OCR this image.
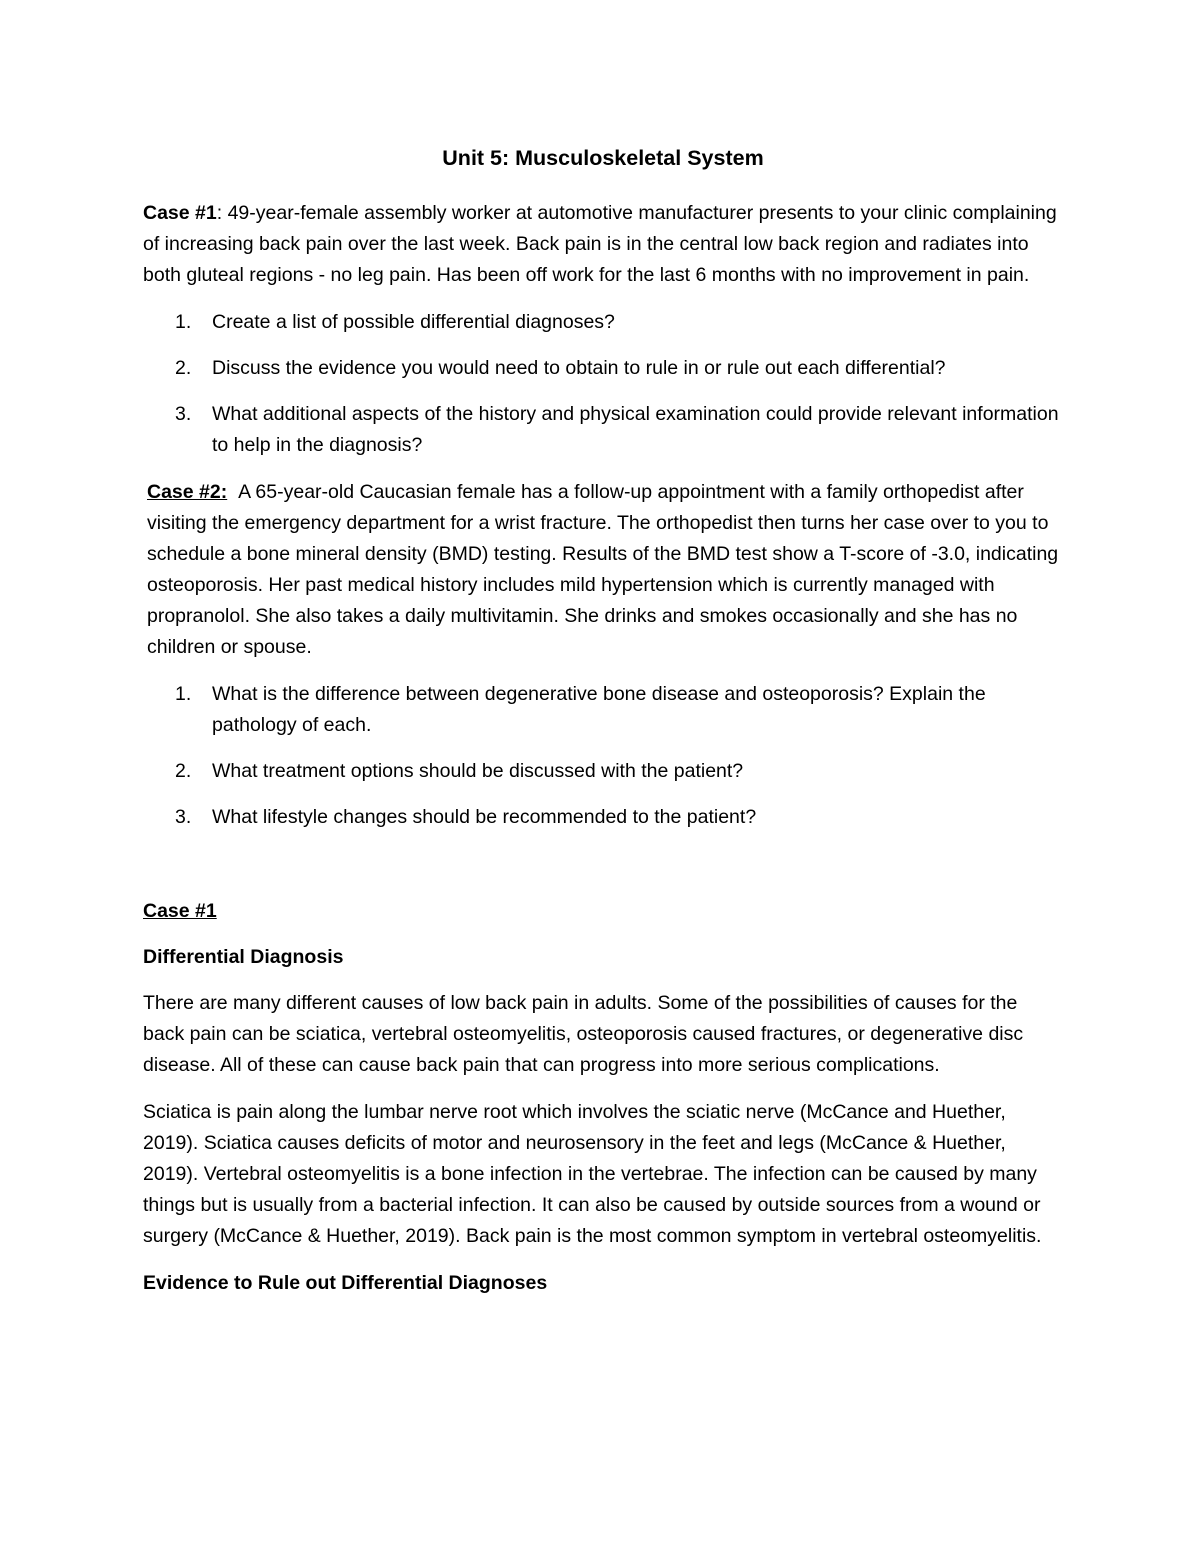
Unit 5: Musculoskeletal System

Case #1: 49-year-female assembly worker at automotive manufacturer presents to your clinic complaining of increasing back pain over the last week. Back pain is in the central low back region and radiates into both gluteal regions - no leg pain. Has been off work for the last 6 months with no improvement in pain.

1. Create a list of possible differential diagnoses?
2. Discuss the evidence you would need to obtain to rule in or rule out each differential?
3. What additional aspects of the history and physical examination could provide relevant information to help in the diagnosis?

Case #2: A 65-year-old Caucasian female has a follow-up appointment with a family orthopedist after visiting the emergency department for a wrist fracture. The orthopedist then turns her case over to you to schedule a bone mineral density (BMD) testing. Results of the BMD test show a T-score of -3.0, indicating osteoporosis. Her past medical history includes mild hypertension which is currently managed with propranolol. She also takes a daily multivitamin. She drinks and smokes occasionally and she has no children or spouse.

1. What is the difference between degenerative bone disease and osteoporosis? Explain the pathology of each.
2. What treatment options should be discussed with the patient?
3. What lifestyle changes should be recommended to the patient?
Case #1
Differential Diagnosis

There are many different causes of low back pain in adults. Some of the possibilities of causes for the back pain can be sciatica, vertebral osteomyelitis, osteoporosis caused fractures, or degenerative disc disease. All of these can cause back pain that can progress into more serious complications.

Sciatica is pain along the lumbar nerve root which involves the sciatic nerve (McCance and Huether, 2019). Sciatica causes deficits of motor and neurosensory in the feet and legs (McCance & Huether, 2019). Vertebral osteomyelitis is a bone infection in the vertebrae. The infection can be caused by many things but is usually from a bacterial infection. It can also be caused by outside sources from a wound or surgery (McCance & Huether, 2019). Back pain is the most common symptom in vertebral osteomyelitis.

Evidence to Rule out Differential Diagnoses
